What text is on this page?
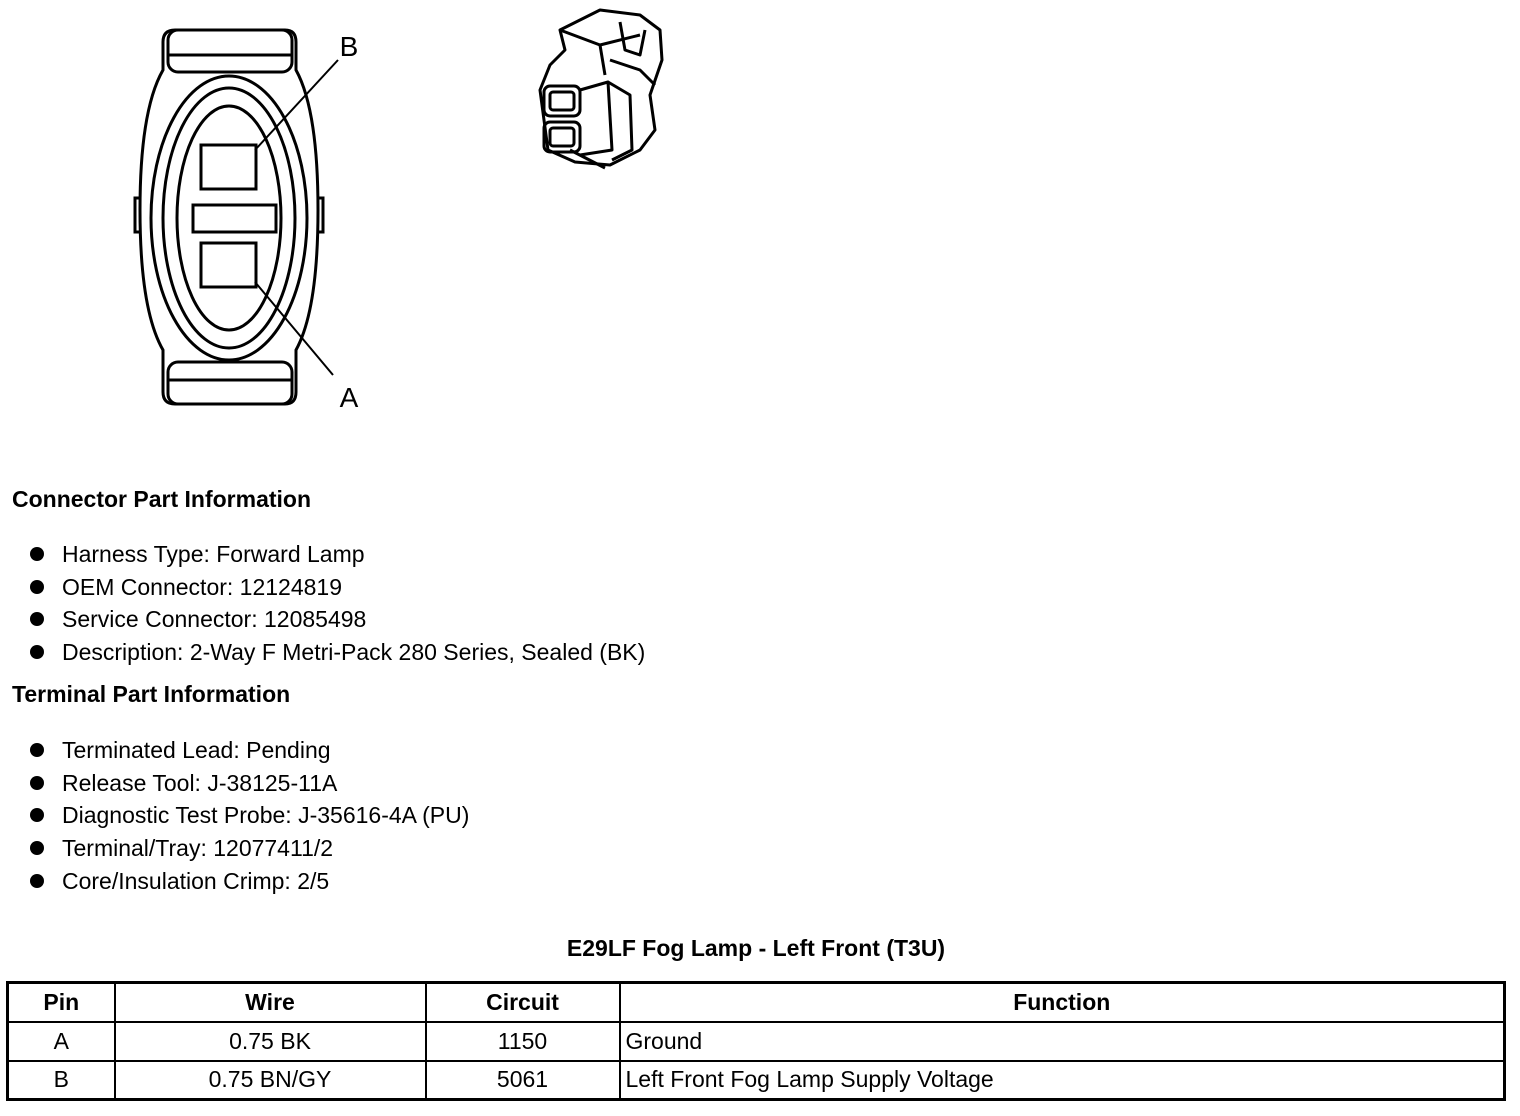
B
A
Connector Part Information
Harness Type: Forward Lamp
OEM Connector: 12124819
Service Connector: 12085498
Description: 2-Way F Metri-Pack 280 Series, Sealed (BK)
Terminal Part Information
Terminated Lead: Pending
Release Tool: J-38125-11A
Diagnostic Test Probe: J-35616-4A (PU)
Terminal/Tray: 12077411/2
Core/Insulation Crimp: 2/5
E29LF Fog Lamp - Left Front (T3U)
Pin	Wire	Circuit	Function
A	0.75 BK	1150	Ground
B	0.75 BN/GY	5061	Left Front Fog Lamp Supply Voltage
